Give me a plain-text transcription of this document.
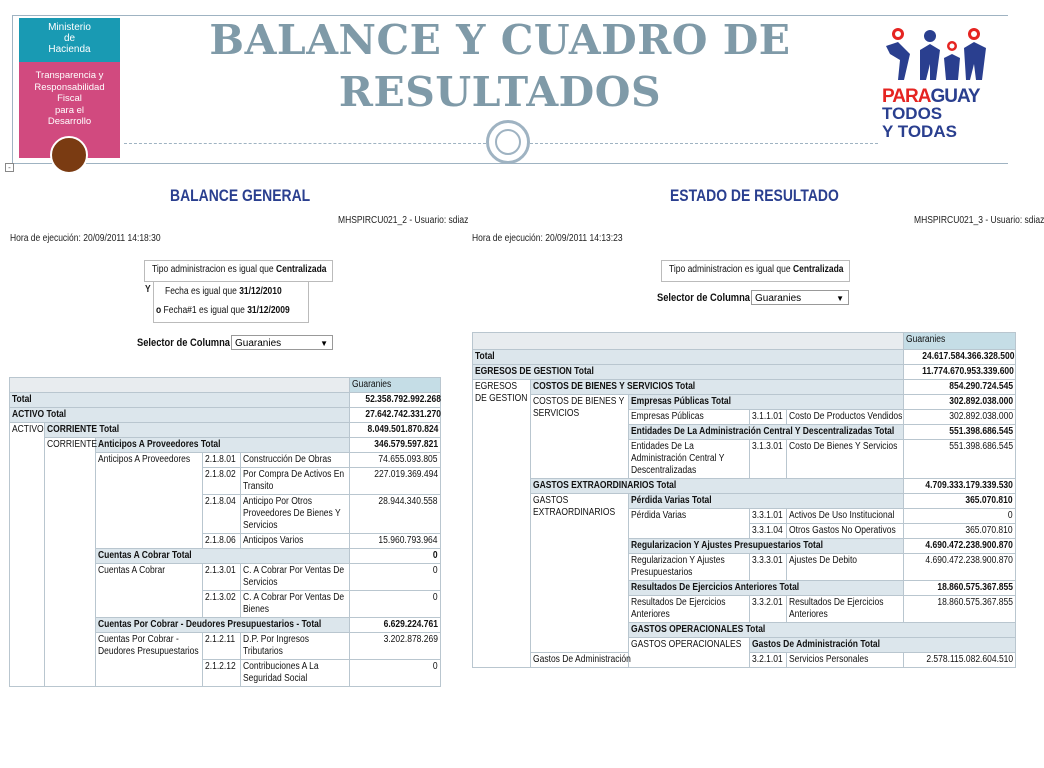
Ministerio
de
Hacienda
Transparencia y
Responsabilidad
Fiscal
para el
Desarrollo
BALANCE Y CUADRO DE
RESULTADOS	PARAGUAY
TODOS
Y TODAS
-
BALANCE GENERAL
MHSPIRCU021_2 - Usuario: sdiaz
Hora de ejecución: 20/09/2011 14:18:30
Tipo administracion es igual que Centralizada
Y Fecha es igual que 31/12/2010
o Fecha#1 es igual que 31/12/2009
Selector de Columna Guaranies	▼
					Guaranies
Total					52.358.792.992.268
ACTIVO Total					27.642.742.331.270
ACTIVO	CORRIENTE Total				8.049.501.870.824
	CORRIENTE	Anticipos A Proveedores Total			346.579.597.821
		Anticipos A Proveedores	2.1.8.01	Construcción De Obras	74.655.093.805
			2.1.8.02	Por Compra De Activos En Transito	227.019.369.494
			2.1.8.04	Anticipo Por Otros Proveedores De Bienes Y Servicios	28.944.340.558
			2.1.8.06	Anticipos Varios	15.960.793.964
		Cuentas A Cobrar Total			0
		Cuentas A Cobrar	2.1.3.01	C. A Cobrar Por Ventas De Servicios	0
			2.1.3.02	C. A Cobrar Por Ventas De Bienes	0
		Cuentas Por Cobrar - Deudores Presupuestarios - Total			6.629.224.761

		Cuentas Por Cobrar - Deudores Presupuestarios	2.1.2.11	D.P. Por Ingresos Tributarios	3.202.878.269
			2.1.2.12	Contribuciones A La Seguridad Social	0
ESTADO DE RESULTADO
MHSPIRCU021_3 - Usuario: sdiaz
Hora de ejecución: 20/09/2011 14:13:23
Tipo administracion es igual que Centralizada
Selector de Columna Guaranies	▼
					Guaranies	
Total					24.617.584.366.328.500	
EGRESOS DE GESTION Total					11.774.670.953.339.600	

EGRESOS DE GESTION	COSTOS DE BIENES Y SERVICIOS Total				854.290.724.545	

	COSTOS DE BIENES Y SERVICIOS	Empresas Públicas Total			302.892.038.000	
		Empresas Públicas	3.1.1.01	Costo De Productos Vendidos	302.892.038.000	

		Entidades De La Administración Central Y Descentralizadas Total			551.398.686.545	

		Entidades De La Administración Central Y Descentralizadas	3.1.3.01	Costo De Bienes Y Servicios	551.398.686.545	
	GASTOS EXTRAORDINARIOS Total				4.709.333.179.339.530	

	GASTOS EXTRAORDINARIOS	Pérdida Varias Total			365.070.810	
		Pérdida Varias	3.3.1.01	Activos De Uso Institucional	0	
			3.3.1.04	Otros Gastos No Operativos	365.070.810	
		Regularizacion Y Ajustes Presupuestarios Total			4.690.472.238.900.870	

		Regularizacion Y Ajustes Presupuestarios	3.3.3.01	Ajustes De Debito	4.690.472.238.900.870	
		Resultados De Ejercicios Anteriores Total			18.860.575.367.855	

		Resultados De Ejercicios Anteriores	3.3.2.01	Resultados De Ejercicios Anteriores	18.860.575.367.855	
		GASTOS OPERACIONALES Total	

		GASTOS OPERACIONALES	Gastos De Administración Total	
	Gastos De Administración		3.2.1.01	Servicios Personales	2.578.115.082.604.510	
